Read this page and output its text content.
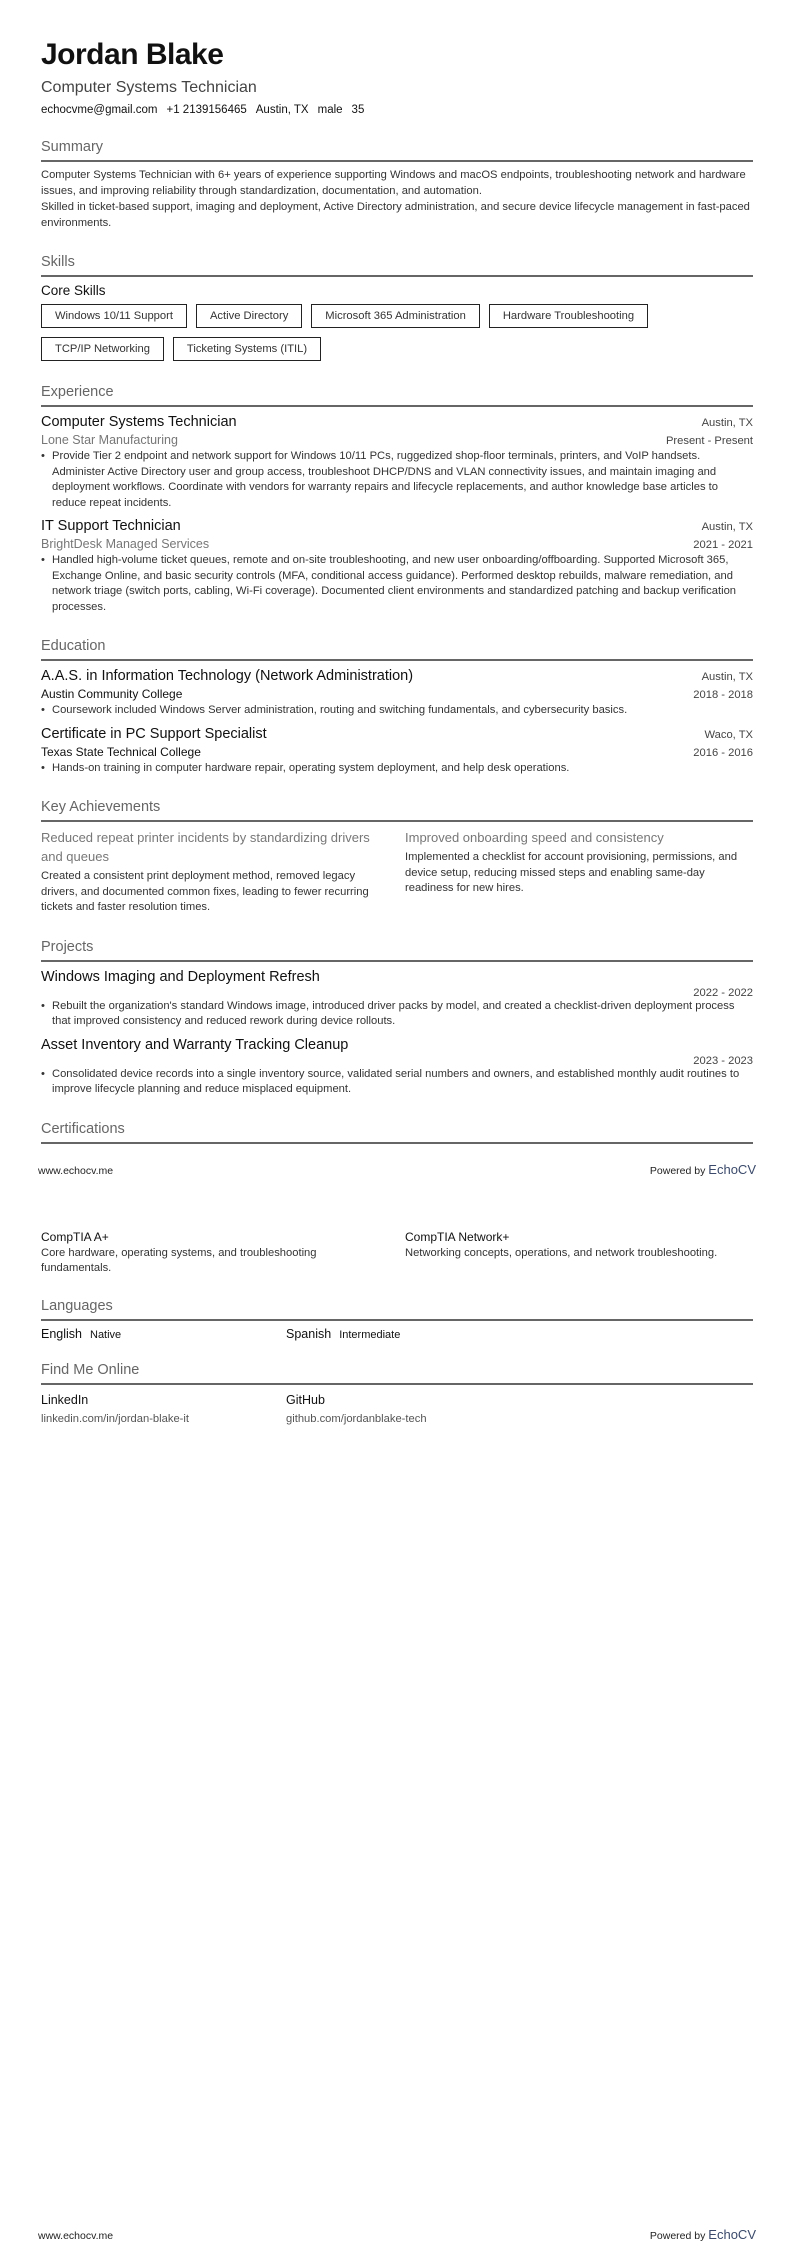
Jordan Blake
Computer Systems Technician
echocvme@gmail.com +1 2139156465 Austin, TX male 35
Summary

Computer Systems Technician with 6+ years of experience supporting Windows and macOS endpoints, troubleshooting network and hardware issues, and improving reliability through standardization, documentation, and automation.

Skilled in ticket-based support, imaging and deployment, Active Directory administration, and secure device lifecycle management in fast-paced environments.

Skills
Core Skills
Windows 10/11 Support	Active Directory	Microsoft 365 Administration	Hardware Troubleshooting
TCP/IP Networking	Ticketing Systems (ITIL)
Experience
Computer Systems Technician	Austin, TX
Lone Star Manufacturing	Present - Present
• Provide Tier 2 endpoint and network support for Windows 10/11 PCs, ruggedized shop-floor terminals, printers, and VoIP handsets. Administer Active Directory user and group access, troubleshoot DHCP/DNS and VLAN connectivity issues, and maintain imaging and deployment workflows. Coordinate with vendors for warranty repairs and lifecycle replacements, and author knowledge base articles to reduce repeat incidents.
IT Support Technician	Austin, TX
BrightDesk Managed Services	2021 - 2021
• Handled high-volume ticket queues, remote and on-site troubleshooting, and new user onboarding/offboarding. Supported Microsoft 365, Exchange Online, and basic security controls (MFA, conditional access guidance). Performed desktop rebuilds, malware remediation, and network triage (switch ports, cabling, Wi-Fi coverage). Documented client environments and standardized patching and backup verification processes.
Education
A.A.S. in Information Technology (Network Administration)	Austin, TX
Austin Community College	2018 - 2018
• Coursework included Windows Server administration, routing and switching fundamentals, and cybersecurity basics.
Certificate in PC Support Specialist	Waco, TX
Texas State Technical College	2016 - 2016
• Hands-on training in computer hardware repair, operating system deployment, and help desk operations.
Key Achievements
Reduced repeat printer incidents by standardizing drivers and queues

Created a consistent print deployment method, removed legacy drivers, and documented common fixes, leading to fewer recurring tickets and faster resolution times.

Improved onboarding speed and consistency

Implemented a checklist for account provisioning, permissions, and device setup, reducing missed steps and enabling same-day readiness for new hires.

Projects
Windows Imaging and Deployment Refresh
2022 - 2022
• Rebuilt the organization's standard Windows image, introduced driver packs by model, and created a checklist-driven deployment process that improved consistency and reduced rework during device rollouts.
Asset Inventory and Warranty Tracking Cleanup
2023 - 2023
• Consolidated device records into a single inventory source, validated serial numbers and owners, and established monthly audit routines to improve lifecycle planning and reduce misplaced equipment.
Certifications
www.echocv.me	Powered by EchoCV
CompTIA A+

Core hardware, operating systems, and troubleshooting fundamentals.

CompTIA Network+

Networking concepts, operations, and network troubleshooting.

Languages
English Native	Spanish Intermediate
Find Me Online
LinkedIn
linkedin.com/in/jordan-blake-it
GitHub
github.com/jordanblake-tech
www.echocv.me	Powered by EchoCV
